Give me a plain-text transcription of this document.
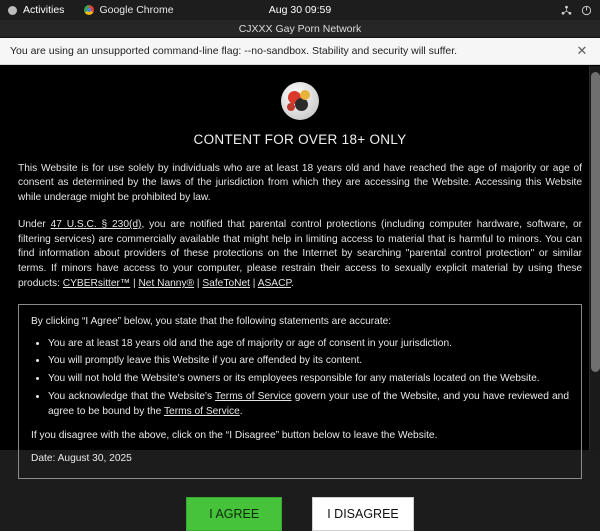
Activities	Google Chrome	Aug 30 09:59
CJXXX Gay Porn Network
You are using an unsupported command-line flag: --no-sandbox. Stability and security will suffer.	✕
CONTENT FOR OVER 18+ ONLY

This Website is for use solely by individuals who are at least 18 years old and have reached the age of majority or age of consent as determined by the laws of the jurisdiction from which they are accessing the Website. Accessing this Website while underage might be prohibited by law.

Under 47 U.S.C. § 230(d), you are notified that parental control protections (including computer hardware, software, or filtering services) are commercially available that might help in limiting access to material that is harmful to minors. You can find information about providers of these protections on the Internet by searching "parental control protection" or similar terms. If minors have access to your computer, please restrain their access to sexually explicit material by using these products: CYBERsitter™ | Net Nanny® | SafeToNet | ASACP.

By clicking “I Agree” below, you state that the following statements are accurate:

• You are at least 18 years old and the age of majority or age of consent in your jurisdiction.
• You will promptly leave this Website if you are offended by its content.
• You will not hold the Website's owners or its employees responsible for any materials located on the Website.
• You acknowledge that the Website's Terms of Service govern your use of the Website, and you have reviewed and agree to be bound by the Terms of Service.

If you disagree with the above, click on the “I Disagree” button below to leave the Website.

Date: August 30, 2025

I AGREE	I DISAGREE
